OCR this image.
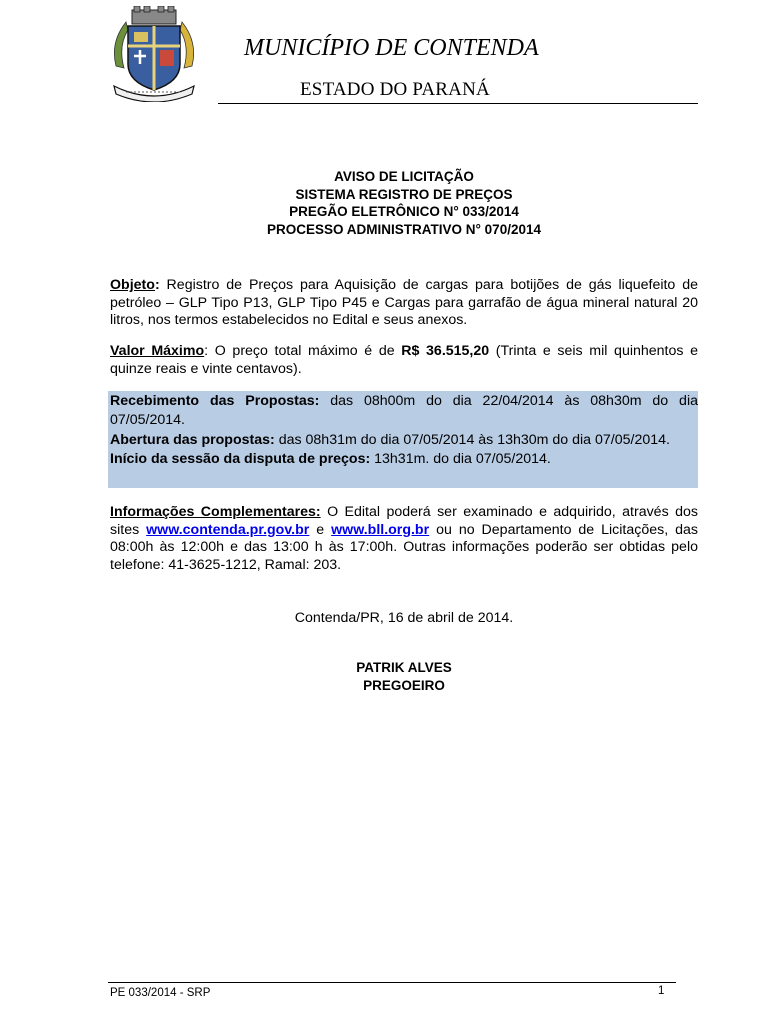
MUNICÍPIO DE CONTENDA
ESTADO DO PARANÁ
AVISO DE LICITAÇÃO
SISTEMA REGISTRO DE PREÇOS
PREGÃO ELETRÔNICO N° 033/2014
PROCESSO ADMINISTRATIVO N° 070/2014
Objeto: Registro de Preços para Aquisição de cargas para botijões de gás liquefeito de petróleo – GLP Tipo P13, GLP Tipo P45 e Cargas para garrafão de água mineral natural 20 litros, nos termos estabelecidos no Edital e seus anexos.
Valor Máximo: O preço total máximo é de R$ 36.515,20 (Trinta e seis mil quinhentos e quinze reais e vinte centavos).
Recebimento das Propostas: das 08h00m do dia 22/04/2014 às 08h30m do dia 07/05/2014.
Abertura das propostas: das 08h31m do dia 07/05/2014 às 13h30m do dia 07/05/2014.
Início da sessão da disputa de preços: 13h31m. do dia 07/05/2014.
Informações Complementares: O Edital poderá ser examinado e adquirido, através dos sites www.contenda.pr.gov.br e www.bll.org.br ou no Departamento de Licitações, das 08:00h às 12:00h e das 13:00 h às 17:00h. Outras informações poderão ser obtidas pelo telefone: 41-3625-1212, Ramal: 203.
Contenda/PR, 16 de abril de 2014.
PATRIK ALVES
PREGOEIRO
PE 033/2014 - SRP	1
